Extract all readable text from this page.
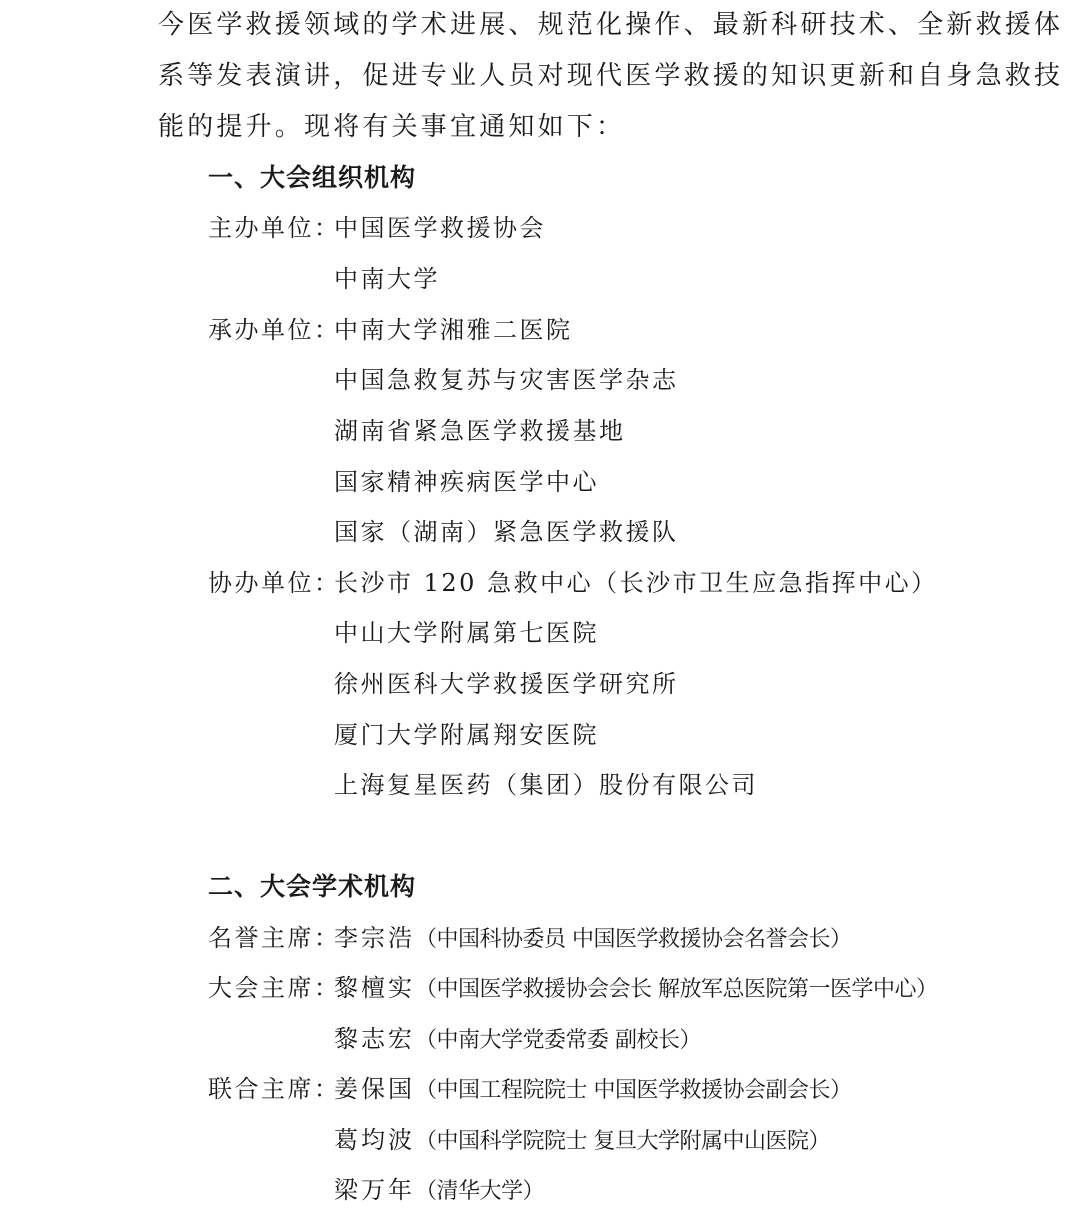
今医学救援领域的学术进展、规范化操作、最新科研技术、全新救援体
系等发表演讲，促进专业人员对现代医学救援的知识更新和自身急救技
能的提升。现将有关事宜通知如下：
一、大会组织机构
主办单位：中国医学救援协会
中南大学
承办单位：中南大学湘雅二医院
中国急救复苏与灾害医学杂志
湖南省紧急医学救援基地
国家精神疾病医学中心
国家（湖南）紧急医学救援队
协办单位：长沙市 120 急救中心（长沙市卫生应急指挥中心）
中山大学附属第七医院
徐州医科大学救援医学研究所
厦门大学附属翔安医院
上海复星医药（集团）股份有限公司
二、大会学术机构
名誉主席：李宗浩（中国科协委员 中国医学救援协会名誉会长）
大会主席：黎檀实（中国医学救援协会会长 解放军总医院第一医学中心）
黎志宏（中南大学党委常委 副校长）
联合主席：姜保国（中国工程院院士 中国医学救援协会副会长）
葛均波（中国科学院院士 复旦大学附属中山医院）
梁万年（清华大学）
